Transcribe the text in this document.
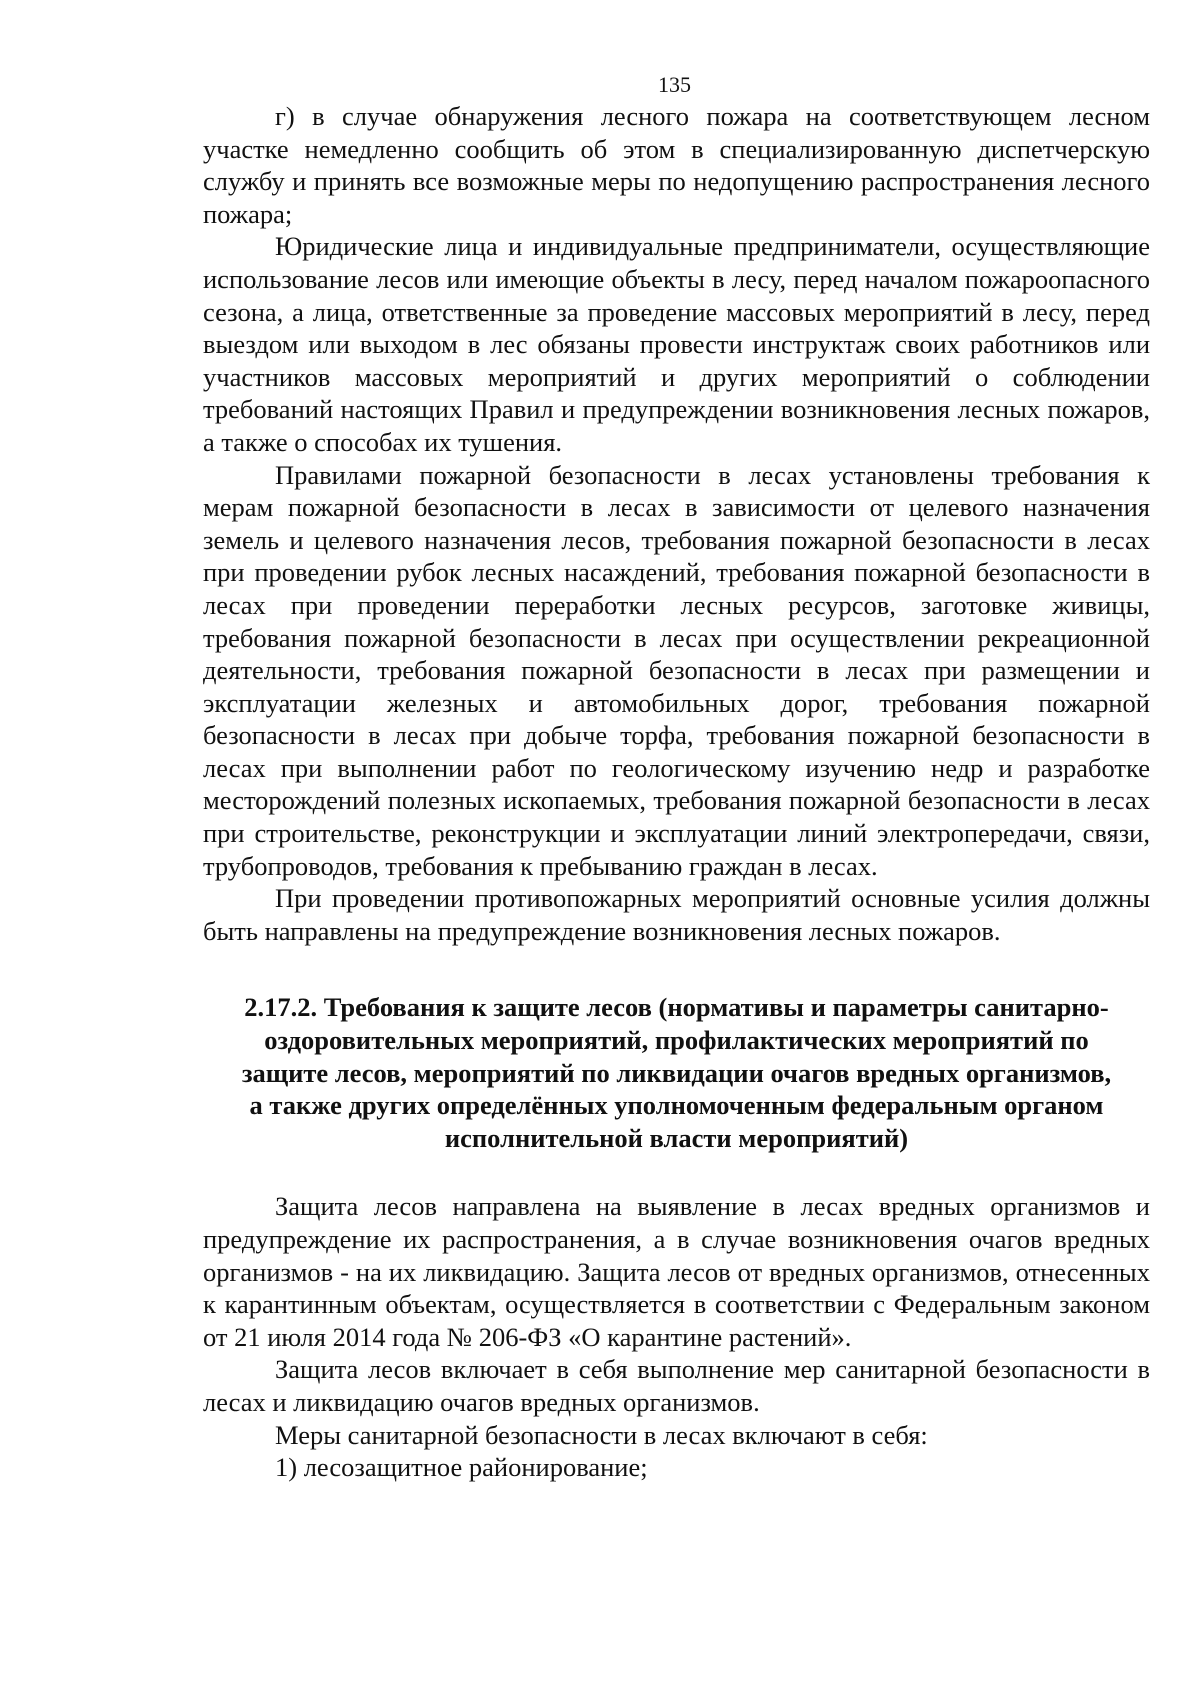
135

г) в случае обнаружения лесного пожара на соответствующем лесном участке немедленно сообщить об этом в специализированную диспетчерскую службу и принять все возможные меры по недопущению распространения лесного пожара;

Юридические лица и индивидуальные предприниматели, осуществляющие использование лесов или имеющие объекты в лесу, перед началом пожароопасного сезона, а лица, ответственные за проведение массовых мероприятий в лесу, перед выездом или выходом в лес обязаны провести инструктаж своих работников или участников массовых мероприятий и других мероприятий о соблюдении требований настоящих Правил и предупреждении возникновения лесных пожаров, а также о способах их тушения.

Правилами пожарной безопасности в лесах установлены требования к мерам пожарной безопасности в лесах в зависимости от целевого назначения земель и целевого назначения лесов, требования пожарной безопасности в лесах при проведении рубок лесных насаждений, требования пожарной безопасности в лесах при проведении переработки лесных ресурсов, заготовке живицы, требования пожарной безопасности в лесах при осуществлении рекреационной деятельности, требования пожарной безопасности в лесах при размещении и эксплуатации железных и автомобильных дорог, требования пожарной безопасности в лесах при добыче торфа, требования пожарной безопасности в лесах при выполнении работ по геологическому изучению недр и разработке месторождений полезных ископаемых, требования пожарной безопасности в лесах при строительстве, реконструкции и эксплуатации линий электропередачи, связи, трубопроводов, требования к пребыванию граждан в лесах.

При проведении противопожарных мероприятий основные усилия должны быть направлены на предупреждение возникновения лесных пожаров.

2.17.2. Требования к защите лесов (нормативы и параметры санитарно-
оздоровительных мероприятий, профилактических мероприятий по
защите лесов, мероприятий по ликвидации очагов вредных организмов,
а также других определённых уполномоченным федеральным органом
исполнительной власти мероприятий)

Защита лесов направлена на выявление в лесах вредных организмов и предупреждение их распространения, а в случае возникновения очагов вредных организмов - на их ликвидацию. Защита лесов от вредных организмов, отнесенных к карантинным объектам, осуществляется в соответствии с Федеральным законом от 21 июля 2014 года № 206-ФЗ «О карантине растений».

Защита лесов включает в себя выполнение мер санитарной безопасности в лесах и ликвидацию очагов вредных организмов.

Меры санитарной безопасности в лесах включают в себя:

1) лесозащитное районирование;
